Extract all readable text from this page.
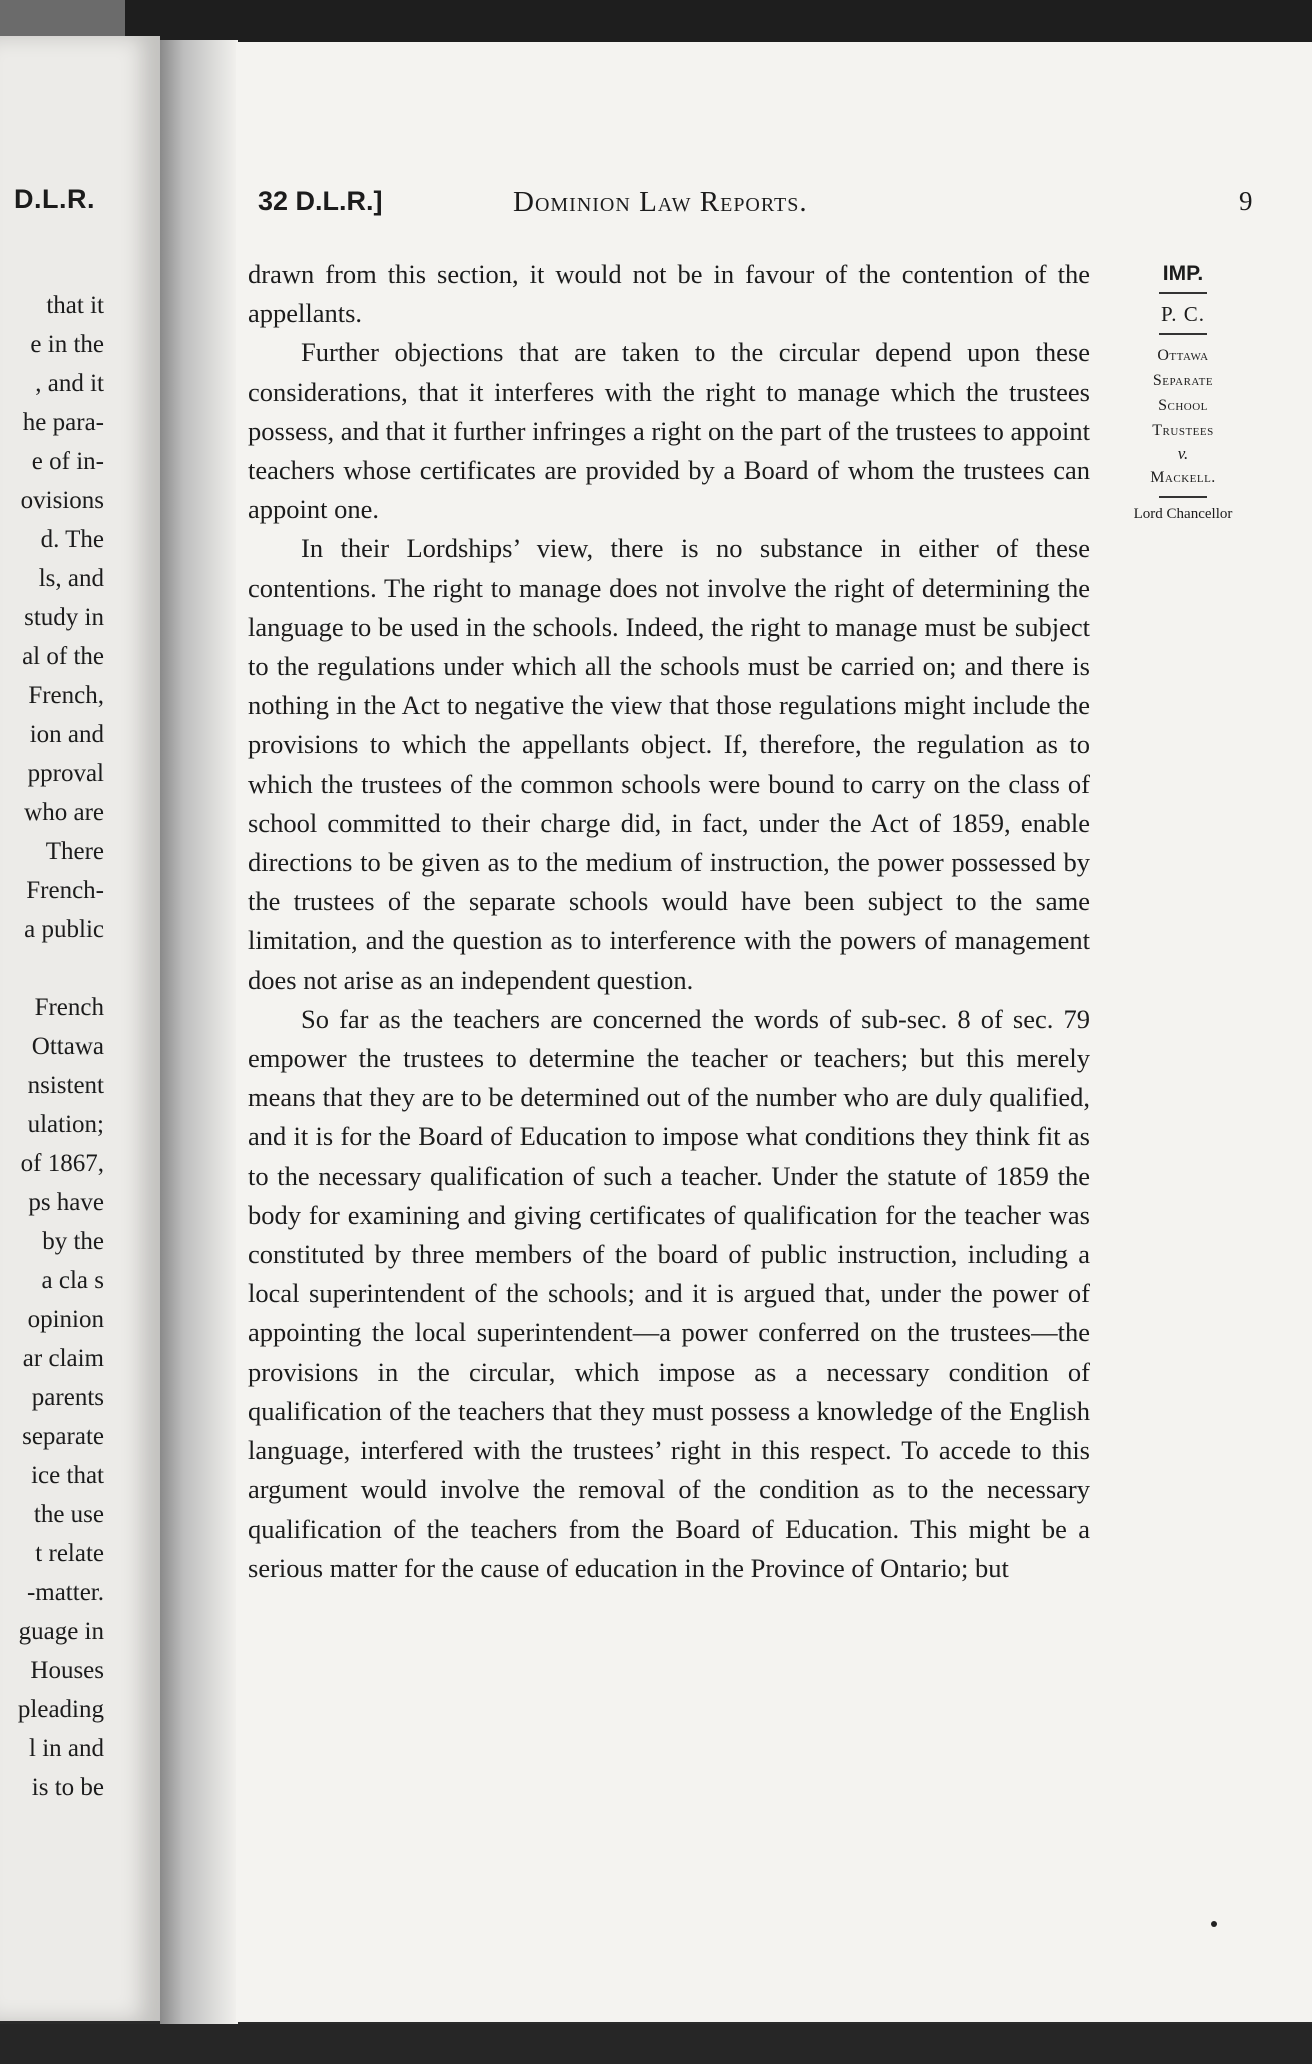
D.L.R.
that it
e in the
, and it
he para-
e of in-
ovisions
d. The
ls, and
study in
al of the
French,
ion and
pproval
who are
There
French-
a public
French
Ottawa
nsistent
ulation;
of 1867,
ps have
by the
a cla s
opinion
ar claim
parents
separate
ice that
the use
t relate
-matter.
guage in
Houses
pleading
l in and
is to be
32 D.L.R.]	Dominion Law Reports.	9

drawn from this section, it would not be in favour of the contention of the appellants.

Further objections that are taken to the circular depend upon these considerations, that it interferes with the right to manage which the trustees possess, and that it further infringes a right on the part of the trustees to appoint teachers whose certificates are provided by a Board of whom the trustees can appoint one.

In their Lordships’ view, there is no substance in either of these contentions. The right to manage does not involve the right of determining the language to be used in the schools. Indeed, the right to manage must be subject to the regulations under which all the schools must be carried on; and there is nothing in the Act to negative the view that those regulations might include the provisions to which the appellants object. If, therefore, the regulation as to which the trustees of the common schools were bound to carry on the class of school committed to their charge did, in fact, under the Act of 1859, enable directions to be given as to the medium of instruction, the power possessed by the trustees of the separate schools would have been subject to the same limitation, and the question as to interference with the powers of management does not arise as an independent question.

So far as the teachers are concerned the words of sub-sec. 8 of sec. 79 empower the trustees to determine the teacher or teachers; but this merely means that they are to be determined out of the number who are duly qualified, and it is for the Board of Education to impose what conditions they think fit as to the necessary qualification of such a teacher. Under the statute of 1859 the body for examining and giving certificates of qualification for the teacher was constituted by three members of the board of public instruction, including a local superintendent of the schools; and it is argued that, under the power of appointing the local superintendent—a power conferred on the trustees—the provisions in the circular, which impose as a necessary condition of qualification of the teachers that they must possess a knowledge of the English language, interfered with the trustees’ right in this respect. To accede to this argument would involve the removal of the condition as to the necessary qualification of the teachers from the Board of Education. This might be a serious matter for the cause of education in the Province of Ontario; but

IMP.
P. C.
Ottawa
Separate
School
Trustees
v.
Mackell.
Lord Chancellor
